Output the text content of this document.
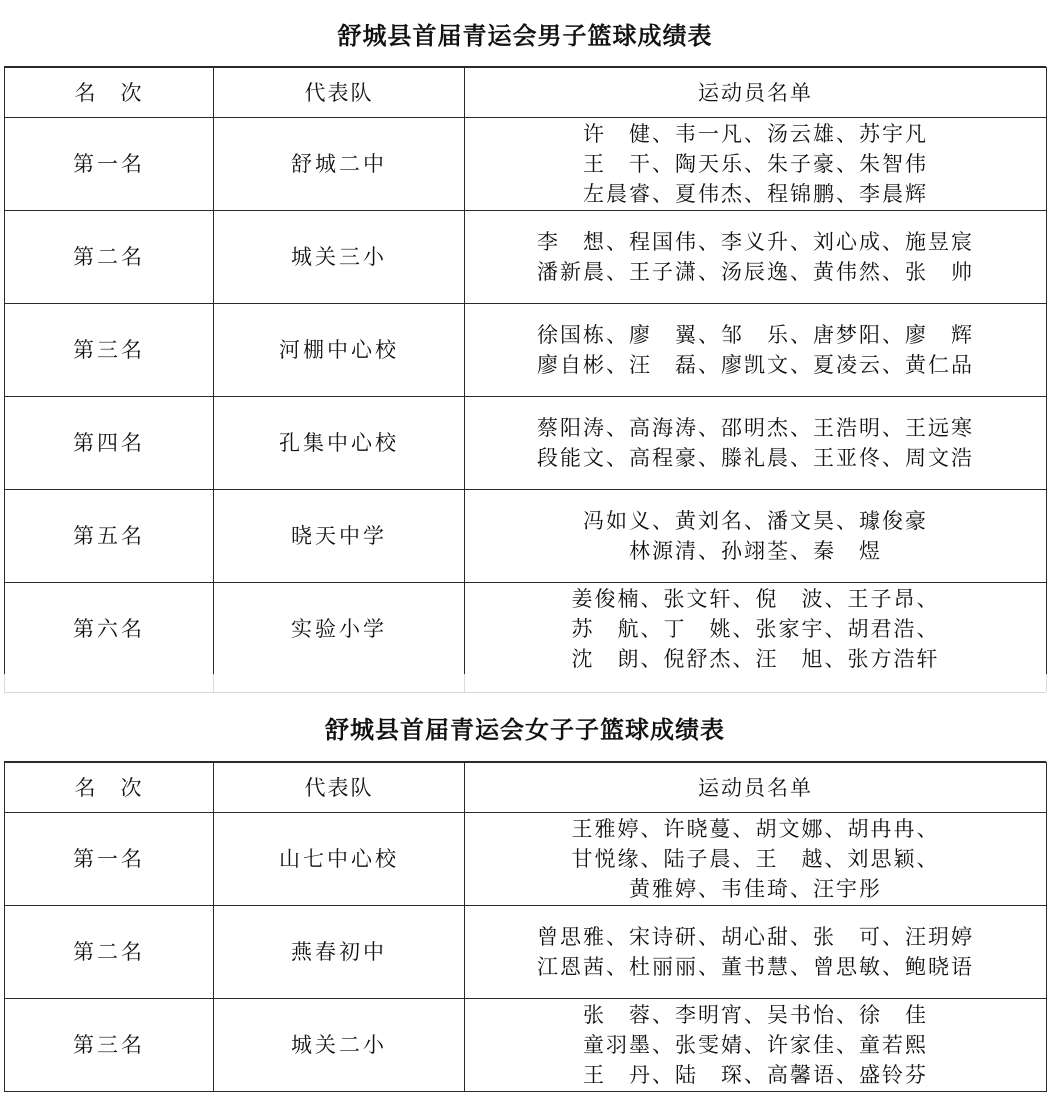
舒城县首届青运会男子篮球成绩表
名　次	代表队	运动员名单
第一名	舒城二中	许　健、韦一凡、汤云雄、苏宇凡
王　干、陶天乐、朱子豪、朱智伟
左晨睿、夏伟杰、程锦鹏、李晨辉

第二名	城关三小	李　想、程国伟、李义升、刘心成、施昱宸
潘新晨、王子潇、汤辰逸、黄伟然、张　帅

第三名	河棚中心校	徐国栋、廖　翼、邹　乐、唐梦阳、廖　辉
廖自彬、汪　磊、廖凯文、夏凌云、黄仁品

第四名	孔集中心校	蔡阳涛、高海涛、邵明杰、王浩明、王远寒
段能文、高程豪、滕礼晨、王亚佟、周文浩

第五名	晓天中学	冯如义、黄刘名、潘文昊、璩俊豪
林源清、孙翊荃、秦　煜

第六名	实验小学	姜俊楠、张文轩、倪　波、王子昂、
苏　航、丁　姚、张家宇、胡君浩、
沈　朗、倪舒杰、汪　旭、张方浩轩
舒城县首届青运会女子子篮球成绩表
名　次	代表队	运动员名单
第一名	山七中心校	王雅婷、许晓蔓、胡文娜、胡冉冉、
甘悦缘、陆子晨、王　越、刘思颖、
黄雅婷、韦佳琦、汪宇彤

第二名	燕春初中	曾思雅、宋诗研、胡心甜、张　可、汪玥婷
江恩茜、杜丽丽、董书慧、曾思敏、鲍晓语

第三名	城关二小	张　蓉、李明宵、吴书怡、徐　佳
童羽墨、张雯婧、许家佳、童若熙
王　丹、陆　琛、高馨语、盛铃芬
